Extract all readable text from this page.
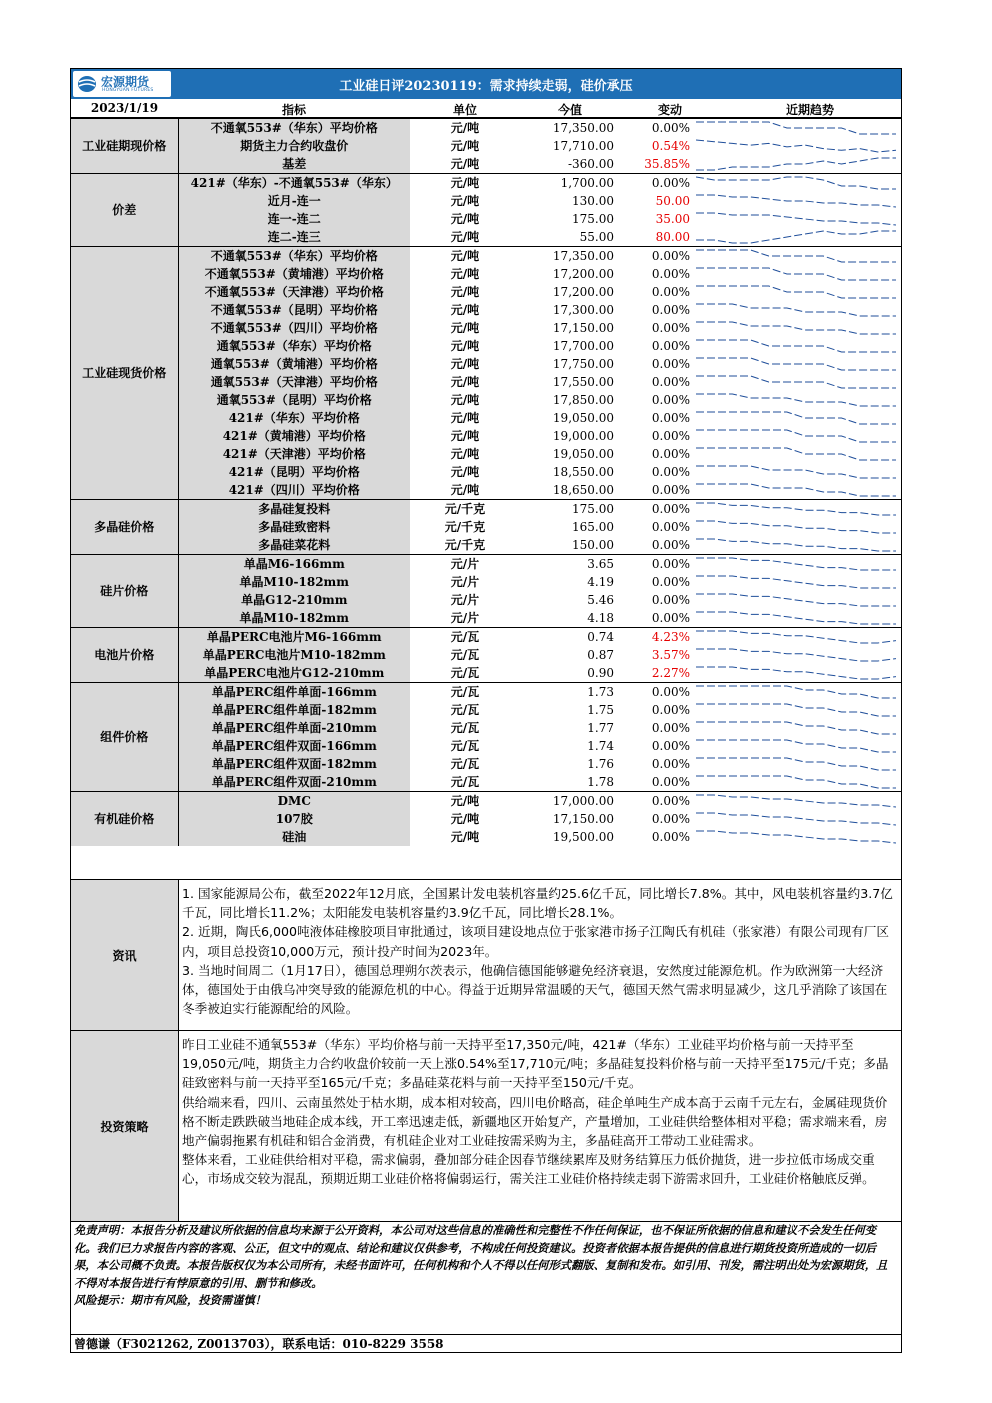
宏源期货
HONGYUAN FUTURES	工业硅日评20230119：需求持续走弱，硅价承压
2023/1/19	指标	单位	今值	变动	近期趋势
工业硅期现价格	不通氧553#（华东）平均价格	元/吨	17,350.00	0.00%	

	期货主力合约收盘价	元/吨	17,710.00	0.54%	

	基差	元/吨	-360.00	35.85%	

价差	421#（华东）-不通氧553#（华东）	元/吨	1,700.00	0.00%	

	近月-连一	元/吨	130.00	50.00	

	连一-连二	元/吨	175.00	35.00	

	连二-连三	元/吨	55.00	80.00	

工业硅现货价格	不通氧553#（华东）平均价格	元/吨	17,350.00	0.00%	

	不通氧553#（黄埔港）平均价格	元/吨	17,200.00	0.00%	

	不通氧553#（天津港）平均价格	元/吨	17,200.00	0.00%	

	不通氧553#（昆明）平均价格	元/吨	17,300.00	0.00%	

	不通氧553#（四川）平均价格	元/吨	17,150.00	0.00%	

	通氧553#（华东）平均价格	元/吨	17,700.00	0.00%	

	通氧553#（黄埔港）平均价格	元/吨	17,750.00	0.00%	

	通氧553#（天津港）平均价格	元/吨	17,550.00	0.00%	

	通氧553#（昆明）平均价格	元/吨	17,850.00	0.00%	

	421#（华东）平均价格	元/吨	19,050.00	0.00%	

	421#（黄埔港）平均价格	元/吨	19,000.00	0.00%	

	421#（天津港）平均价格	元/吨	19,050.00	0.00%	

	421#（昆明）平均价格	元/吨	18,550.00	0.00%	

	421#（四川）平均价格	元/吨	18,650.00	0.00%	

多晶硅价格	多晶硅复投料	元/千克	175.00	0.00%	

	多晶硅致密料	元/千克	165.00	0.00%	

	多晶硅菜花料	元/千克	150.00	0.00%	

硅片价格	单晶M6-166mm	元/片	3.65	0.00%	

	单晶M10-182mm	元/片	4.19	0.00%	

	单晶G12-210mm	元/片	5.46	0.00%	

	单晶M10-182mm	元/片	4.18	0.00%	

电池片价格	单晶PERC电池片M6-166mm	元/瓦	0.74	4.23%	

	单晶PERC电池片M10-182mm	元/瓦	0.87	3.57%	

	单晶PERC电池片G12-210mm	元/瓦	0.90	2.27%	

组件价格	单晶PERC组件单面-166mm	元/瓦	1.73	0.00%	

	单晶PERC组件单面-182mm	元/瓦	1.75	0.00%	

	单晶PERC组件单面-210mm	元/瓦	1.77	0.00%	

	单晶PERC组件双面-166mm	元/瓦	1.74	0.00%	

	单晶PERC组件双面-182mm	元/瓦	1.76	0.00%	

	单晶PERC组件双面-210mm	元/瓦	1.78	0.00%	

有机硅价格	DMC	元/吨	17,000.00	0.00%	

	107胶	元/吨	17,150.00	0.00%	

	硅油	元/吨	19,500.00	0.00%	
资讯

1. 国家能源局公布，截至2022年12月底，全国累计发电装机容量约25.6亿千瓦，同比增长7.8%。其中，风电装机容量约3.7亿千瓦，同比增长11.2%；太阳能发电装机容量约3.9亿千瓦，同比增长28.1%。

2. 近期，陶氏6,000吨液体硅橡胶项目审批通过，该项目建设地点位于张家港市扬子江陶氏有机硅（张家港）有限公司现有厂区内，项目总投资10,000万元，预计投产时间为2023年。

3. 当地时间周二（1月17日），德国总理朔尔茨表示，他确信德国能够避免经济衰退，安然度过能源危机。作为欧洲第一大经济体，德国处于由俄乌冲突导致的能源危机的中心。得益于近期异常温暖的天气，德国天然气需求明显减少，这几乎消除了该国在冬季被迫实行能源配给的风险。

投资策略

昨日工业硅不通氧553#（华东）平均价格与前一天持平至17,350元/吨，421#（华东）工业硅平均价格与前一天持平至19,050元/吨，期货主力合约收盘价较前一天上涨0.54%至17,710元/吨；多晶硅复投料价格与前一天持平至175元/千克；多晶硅致密料与前一天持平至165元/千克；多晶硅菜花料与前一天持平至150元/千克。

供给端来看，四川、云南虽然处于枯水期，成本相对较高，四川电价略高，硅企单吨生产成本高于云南千元左右，金属硅现货价格不断走跌跌破当地硅企成本线，开工率迅速走低，新疆地区开始复产，产量增加，工业硅供给整体相对平稳；需求端来看，房地产偏弱拖累有机硅和铝合金消费，有机硅企业对工业硅按需采购为主，多晶硅高开工带动工业硅需求。

整体来看，工业硅供给相对平稳，需求偏弱，叠加部分硅企因春节继续累库及财务结算压力低价抛货，进一步拉低市场成交重心，市场成交较为混乱，预期近期工业硅价格将偏弱运行，需关注工业硅价格持续走弱下游需求回升，工业硅价格触底反弹。

免责声明：本报告分析及建议所依据的信息均来源于公开资料，本公司对这些信息的准确性和完整性不作任何保证，也不保证所依据的信息和建议不会发生任何变化。我们已力求报告内容的客观、公正，但文中的观点、结论和建议仅供参考，不构成任何投资建议。投资者依据本报告提供的信息进行期货投资所造成的一切后果，本公司概不负责。本报告版权仅为本公司所有，未经书面许可，任何机构和个人不得以任何形式翻版、复制和发布。如引用、刊发，需注明出处为宏源期货，且不得对本报告进行有悖原意的引用、删节和修改。

风险提示：期市有风险，投资需谨慎！

曾德谦（F3021262, Z0013703），联系电话：010-8229 3558
